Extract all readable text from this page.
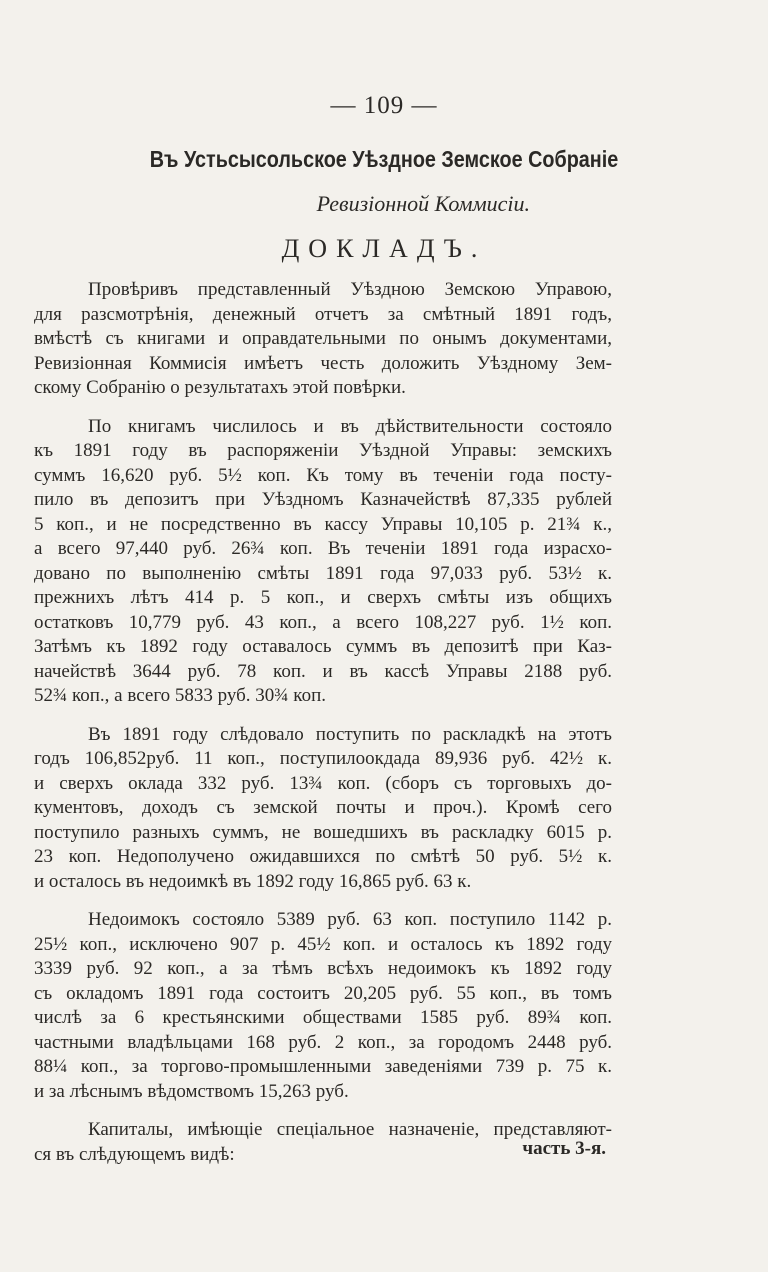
— 109 —
Въ Устьсысольское Уѣздное Земское Собраніе
Ревизіонной Коммисіи.
ДОКЛАДЪ.
Провѣривъ представленный Уѣздною Земскою Управою,
для разсмотрѣнія, денежный отчетъ за смѣтный 1891 годъ,
вмѣстѣ съ книгами и оправдательными по онымъ документами,
Ревизіонная Коммисія имѣетъ честь доложить Уѣздному Зем-
скому Собранію о результатахъ этой повѣрки.
По книгамъ числилось и въ дѣйствительности состояло
къ 1891 году въ распоряженіи Уѣздной Управы: земскихъ
суммъ 16,620 руб. 5½ коп. Къ тому въ теченіи года посту-
пило въ депозитъ при Уѣздномъ Казначействѣ 87,335 рублей
5 коп., и не посредственно въ кассу Управы 10,105 р. 21¾ к.,
а всего 97,440 руб. 26¾ коп. Въ теченіи 1891 года израсхо-
довано по выполненію смѣты 1891 года 97,033 руб. 53½ к.
прежнихъ лѣтъ 414 р. 5 коп., и сверхъ смѣты изъ общихъ
остатковъ 10,779 руб. 43 коп., а всего 108,227 руб. 1½ коп.
Затѣмъ къ 1892 году оставалось суммъ въ депозитѣ при Каз-
начействѣ 3644 руб. 78 коп. и въ кассѣ Управы 2188 руб.
52¾ коп., а всего 5833 руб. 30¾ коп.
Въ 1891 году слѣдовало поступить по раскладкѣ на этотъ
годъ 106,852руб. 11 коп., поступилоокдада 89,936 руб. 42½ к.
и сверхъ оклада 332 руб. 13¾ коп. (сборъ съ торговыхъ до-
кументовъ, доходъ съ земской почты и проч.). Кромѣ сего
поступило разныхъ суммъ, не вошедшихъ въ раскладку 6015 р.
23 коп. Недополучено ожидавшихся по смѣтѣ 50 руб. 5½ к.
и осталось въ недоимкѣ въ 1892 году 16,865 руб. 63 к.
Недоимокъ состояло 5389 руб. 63 коп. поступило 1142 р.
25½ коп., исключено 907 р. 45½ коп. и осталось къ 1892 году
3339 руб. 92 коп., а за тѣмъ всѣхъ недоимокъ къ 1892 году
съ окладомъ 1891 года состоитъ 20,205 руб. 55 коп., въ томъ
числѣ за 6 крестьянскими обществами 1585 руб. 89¾ коп.
частными владѣльцами 168 руб. 2 коп., за городомъ 2448 руб.
88¼ коп., за торгово-промышленными заведеніями 739 р. 75 к.
и за лѣснымъ вѣдомствомъ 15,263 руб.
Капиталы, имѣющіе спеціальное назначеніе, представляют-
ся въ слѣдующемъ видѣ:	часть 3-я.
